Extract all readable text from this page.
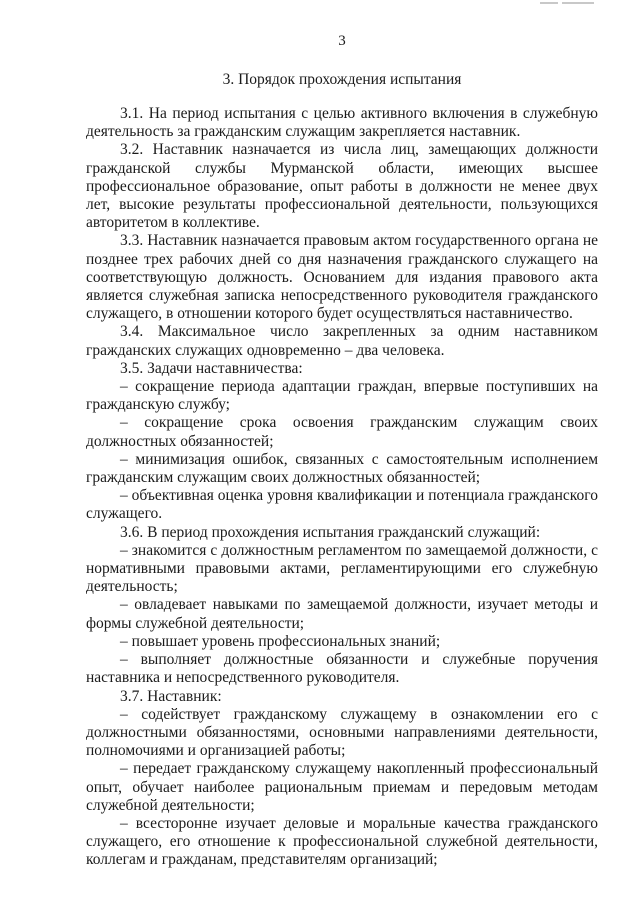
3
3. Порядок прохождения испытания

3.1. На период испытания с целью активного включения в служебную деятельность за гражданским служащим закрепляется наставник.

3.2. Наставник назначается из числа лиц, замещающих должности гражданской службы Мурманской области, имеющих высшее профессиональное образование, опыт работы в должности не менее двух лет, высокие результаты профессиональной деятельности, пользующихся авторитетом в коллективе.

3.3. Наставник назначается правовым актом государственного органа не позднее трех рабочих дней со дня назначения гражданского служащего на соответствующую должность. Основанием для издания правового акта является служебная записка непосредственного руководителя гражданского служащего, в отношении которого будет осуществляться наставничество.

3.4. Максимальное число закрепленных за одним наставником гражданских служащих одновременно – два человека.

3.5. Задачи наставничества:

– сокращение периода адаптации граждан, впервые поступивших на гражданскую службу;

– сокращение срока освоения гражданским служащим своих должностных обязанностей;

– минимизация ошибок, связанных с самостоятельным исполнением гражданским служащим своих должностных обязанностей;

– объективная оценка уровня квалификации и потенциала гражданского служащего.

3.6. В период прохождения испытания гражданский служащий:

– знакомится с должностным регламентом по замещаемой должности, с нормативными правовыми актами, регламентирующими его служебную деятельность;

– овладевает навыками по замещаемой должности, изучает методы и формы служебной деятельности;

– повышает уровень профессиональных знаний;

– выполняет должностные обязанности и служебные поручения наставника и непосредственного руководителя.

3.7. Наставник:

– содействует гражданскому служащему в ознакомлении его с должностными обязанностями, основными направлениями деятельности, полномочиями и организацией работы;

– передает гражданскому служащему накопленный профессиональный опыт, обучает наиболее рациональным приемам и передовым методам служебной деятельности;

– всесторонне изучает деловые и моральные качества гражданского служащего, его отношение к профессиональной служебной деятельности, коллегам и гражданам, представителям организаций;
